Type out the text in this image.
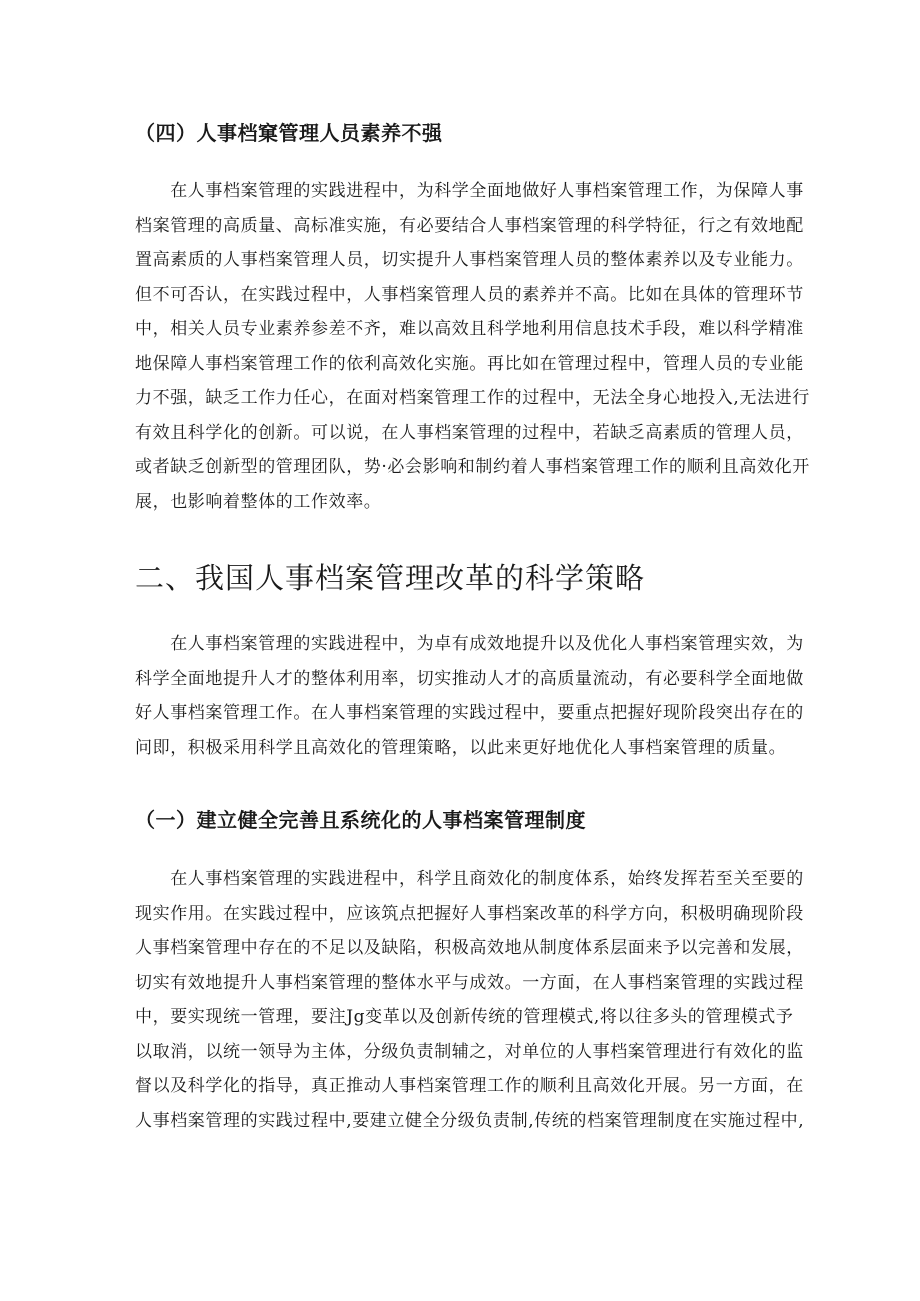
（四）人事档窠管理人员素养不强
　　在人事档案管理的实践进程中，为科学全面地做好人事档案管理工作，为保障人事
档案管理的高质量、高标准实施，有必要结合人事档案管理的科学特征，行之有效地配
置高素质的人事档案管理人员，切实提升人事档案管理人员的整体素养以及专业能力。
但不可否认，在实践过程中，人事档案管理人员的素养并不高。比如在具体的管理环节
中，相关人员专业素养参差不齐，难以高效且科学地利用信息技术手段，难以科学精准
地保障人事档案管理工作的依利高效化实施。再比如在管理过程中，管理人员的专业能
力不强，缺乏工作力任心，在面对档案管理工作的过程中，无法全身心地投入,无法进行
有效且科学化的创新。可以说，在人事档案管理的过程中，若缺乏高素质的管理人员，
或者缺乏创新型的管理团队，势·必会影响和制约着人事档案管理工作的顺利且高效化开
展，也影响着整体的工作效率。
二、我国人事档案管理改革的科学策略
　　在人事档案管理的实践进程中，为卓有成效地提升以及优化人事档案管理实效，为
科学全面地提升人才的整体利用率，切实推动人才的高质量流动，有必要科学全面地做
好人事档案管理工作。在人事档案管理的实践过程中，要重点把握好现阶段突出存在的
问即，积极采用科学且高效化的管理策略，以此来更好地优化人事档案管理的质量。
（一）建立健全完善且系统化的人事档案管理制度
　　在人事档案管理的实践进程中，科学且商效化的制度体系，始终发挥若至关至要的
现实作用。在实践过程中，应该筑点把握好人事档案改革的科学方向，积极明确现阶段
人事档案管理中存在的不足以及缺陷，积极高效地从制度体系层面来予以完善和发展，
切实有效地提升人事档案管理的整体水平与成效。一方面，在人事档案管理的实践过程
中，要实现统一管理，要注Jg变革以及创新传统的管理模式,将以往多头的管理模式予
以取消，以统一领导为主体，分级负责制辅之，对单位的人事档案管理进行有效化的监
督以及科学化的指导，真正推动人事档案管理工作的顺利且高效化开展。另一方面，在
人事档案管理的实践过程中,要建立健全分级负责制,传统的档案管理制度在实施过程中,
